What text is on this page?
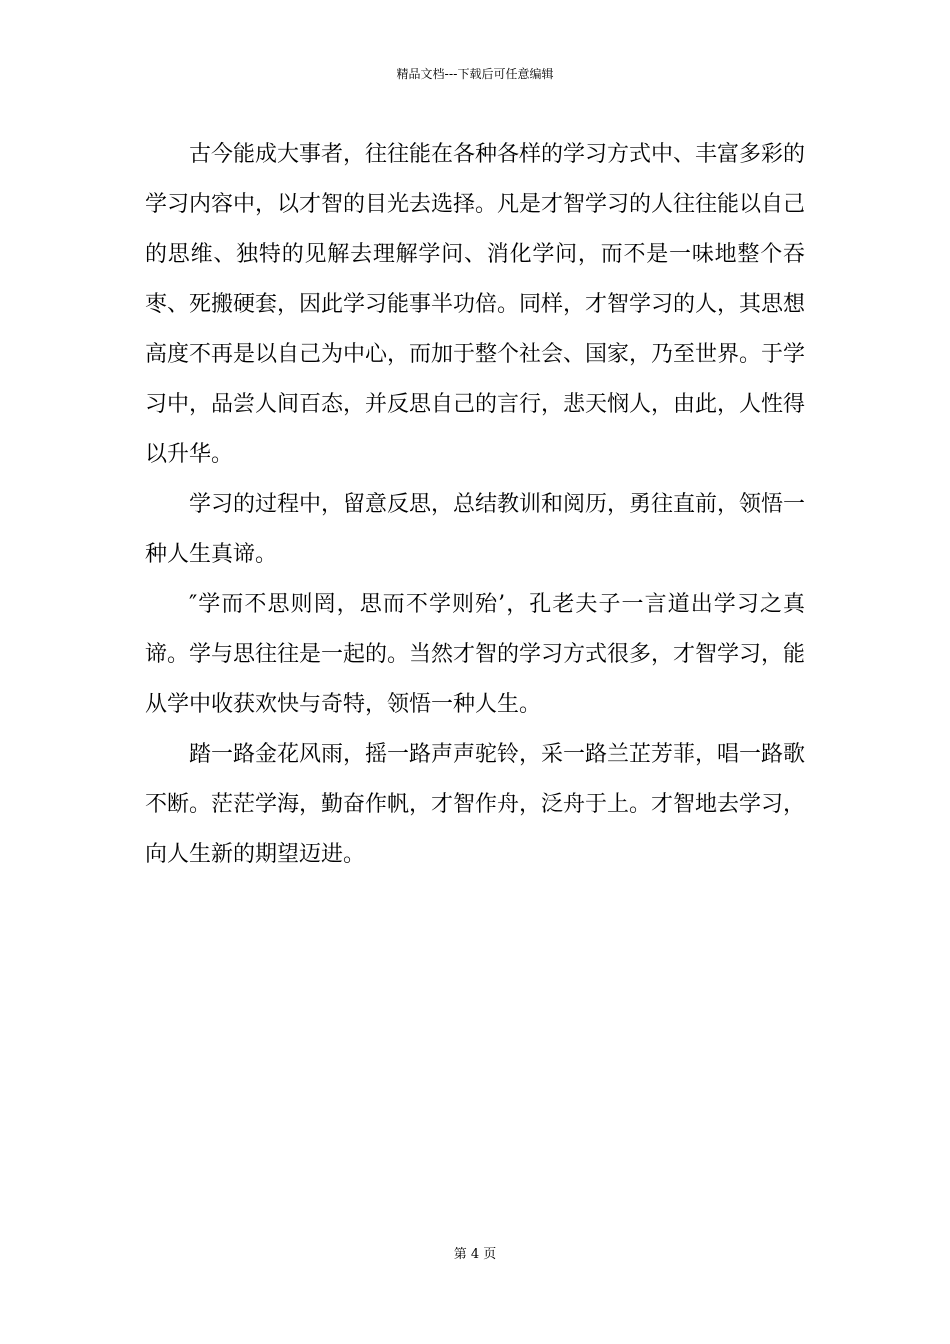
精品文档---下载后可任意编辑

古今能成大事者，往往能在各种各样的学习方式中、丰富多彩的学习内容中，以才智的目光去选择。凡是才智学习的人往往能以自己的思维、独特的见解去理解学问、消化学问，而不是一味地整个吞枣、死搬硬套，因此学习能事半功倍。同样，才智学习的人，其思想高度不再是以自己为中心，而加于整个社会、国家，乃至世界。于学习中，品尝人间百态，并反思自己的言行，悲天悯人，由此，人性得以升华。

学习的过程中，留意反思，总结教训和阅历，勇往直前，领悟一种人生真谛。

″学而不思则罔，思而不学则殆’，孔老夫子一言道出学习之真谛。学与思往往是一起的。当然才智的学习方式很多，才智学习，能从学中收获欢快与奇特，领悟一种人生。

踏一路金花风雨，摇一路声声驼铃，采一路兰芷芳菲，唱一路歌不断。茫茫学海，勤奋作帆，才智作舟，泛舟于上。才智地去学习，向人生新的期望迈进。

第 4 页
